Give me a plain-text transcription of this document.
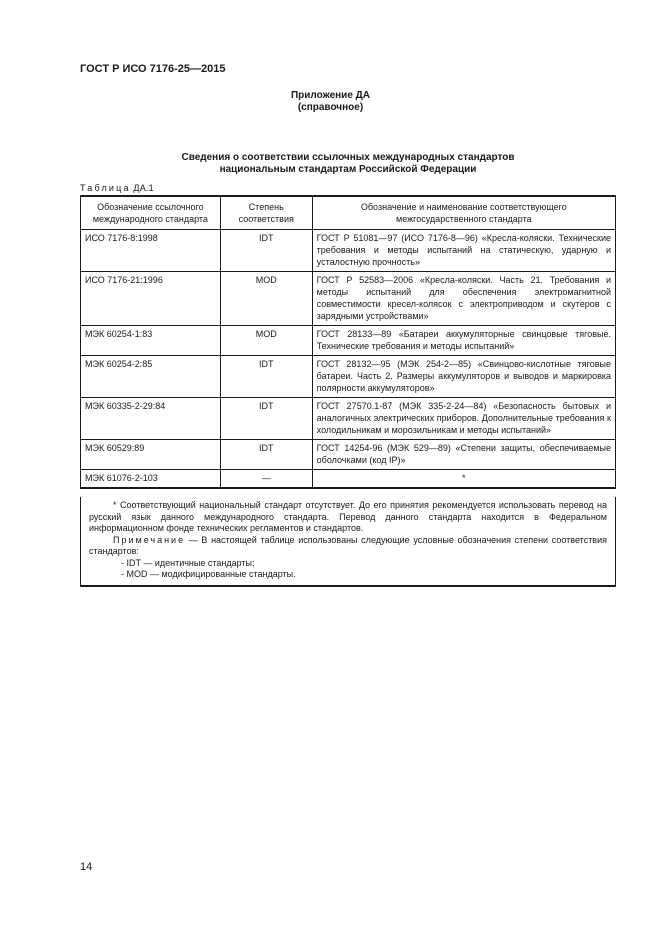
ГОСТ Р ИСО 7176-25—2015
Приложение ДА
(справочное)
Сведения о соответствии ссылочных международных стандартов
национальным стандартам Российской Федерации
Таблица ДА.1
Обозначение ссылочного международного стандарта	Степень соответствия	Обозначение и наименование соответствующего межгосударственного стандарта
ИСО 7176-8:1998	IDT	ГОСТ Р 51081—97 (ИСО 7176-8—96) «Кресла-коляски. Технические требования и методы испытаний на статическую, ударную и усталостную прочность»
ИСО 7176-21:1996	MOD	ГОСТ Р 52583—2006 «Кресла-коляски. Часть 21. Требования и методы испытаний для обеспечения электромагнитной совместимости кресел-колясок с электроприводом и скутеров с зарядными устройствами»
МЭК 60254-1:83	MOD	ГОСТ 28133—89 «Батареи аккумуляторные свинцовые тяговые. Технические требования и методы испытаний»
МЭК 60254-2:85	IDT	ГОСТ 28132—95 (МЭК 254-2—85) «Свинцово-кислотные тяговые батареи. Часть 2. Размеры аккумуляторов и выводов и маркировка полярности аккумуляторов»
МЭК 60335-2-29:84	IDT	ГОСТ 27570.1-87 (МЭК 335-2-24—84) «Безопасность бытовых и аналогичных электрических приборов. Дополнительные требования к холодильникам и морозильникам и методы испытаний»
МЭК 60529:89	IDT	ГОСТ 14254-96 (МЭК 529—89) «Степени защиты, обеспечиваемые оболочками (код IP)»
МЭК 61076-2-103	—	*

* Соответствующий национальный стандарт отсутствует. До его принятия рекомендуется использовать перевод на русский язык данного международного стандарта. Перевод данного стандарта находится в Федеральном информационном фонде технических регламентов и стандартов.

Примечание — В настоящей таблице использованы следующие условные обозначения степени соответствия стандартов:

- IDT — идентичные стандарты;

- MOD — модифицированные стандарты.

14
